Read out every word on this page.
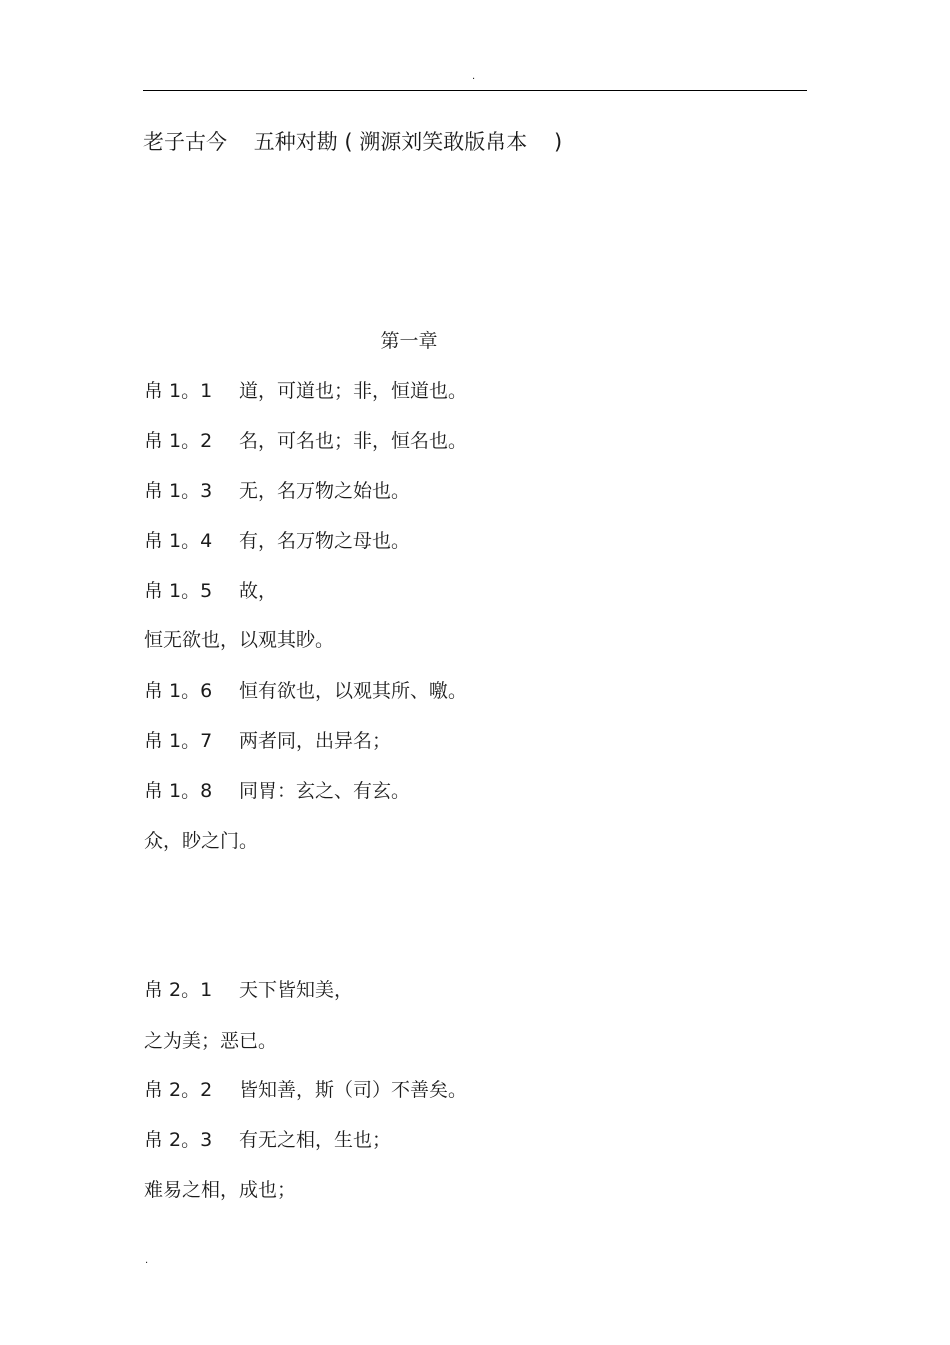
.
老子古今    五种对勘 ( 溯源刘笑敢版帛本    )
第一章
帛 1。1	道，可道也；非，恒道也。
帛 1。2	名，可名也；非，恒名也。
帛 1。3	无，名万物之始也。
帛 1。4	有，名万物之母也。
帛 1。5	故，
恒无欲也，以观其眇。
帛 1。6	恒有欲也，以观其所、噭。
帛 1。7	两者同，出异名；
帛 1。8	同胃：玄之、有玄。
众，眇之门。
帛 2。1	天下皆知美，
之为美；恶已。
帛 2。2	皆知善，斯（司）不善矣。
帛 2。3	有无之相，生也；
难易之相，成也；
.
